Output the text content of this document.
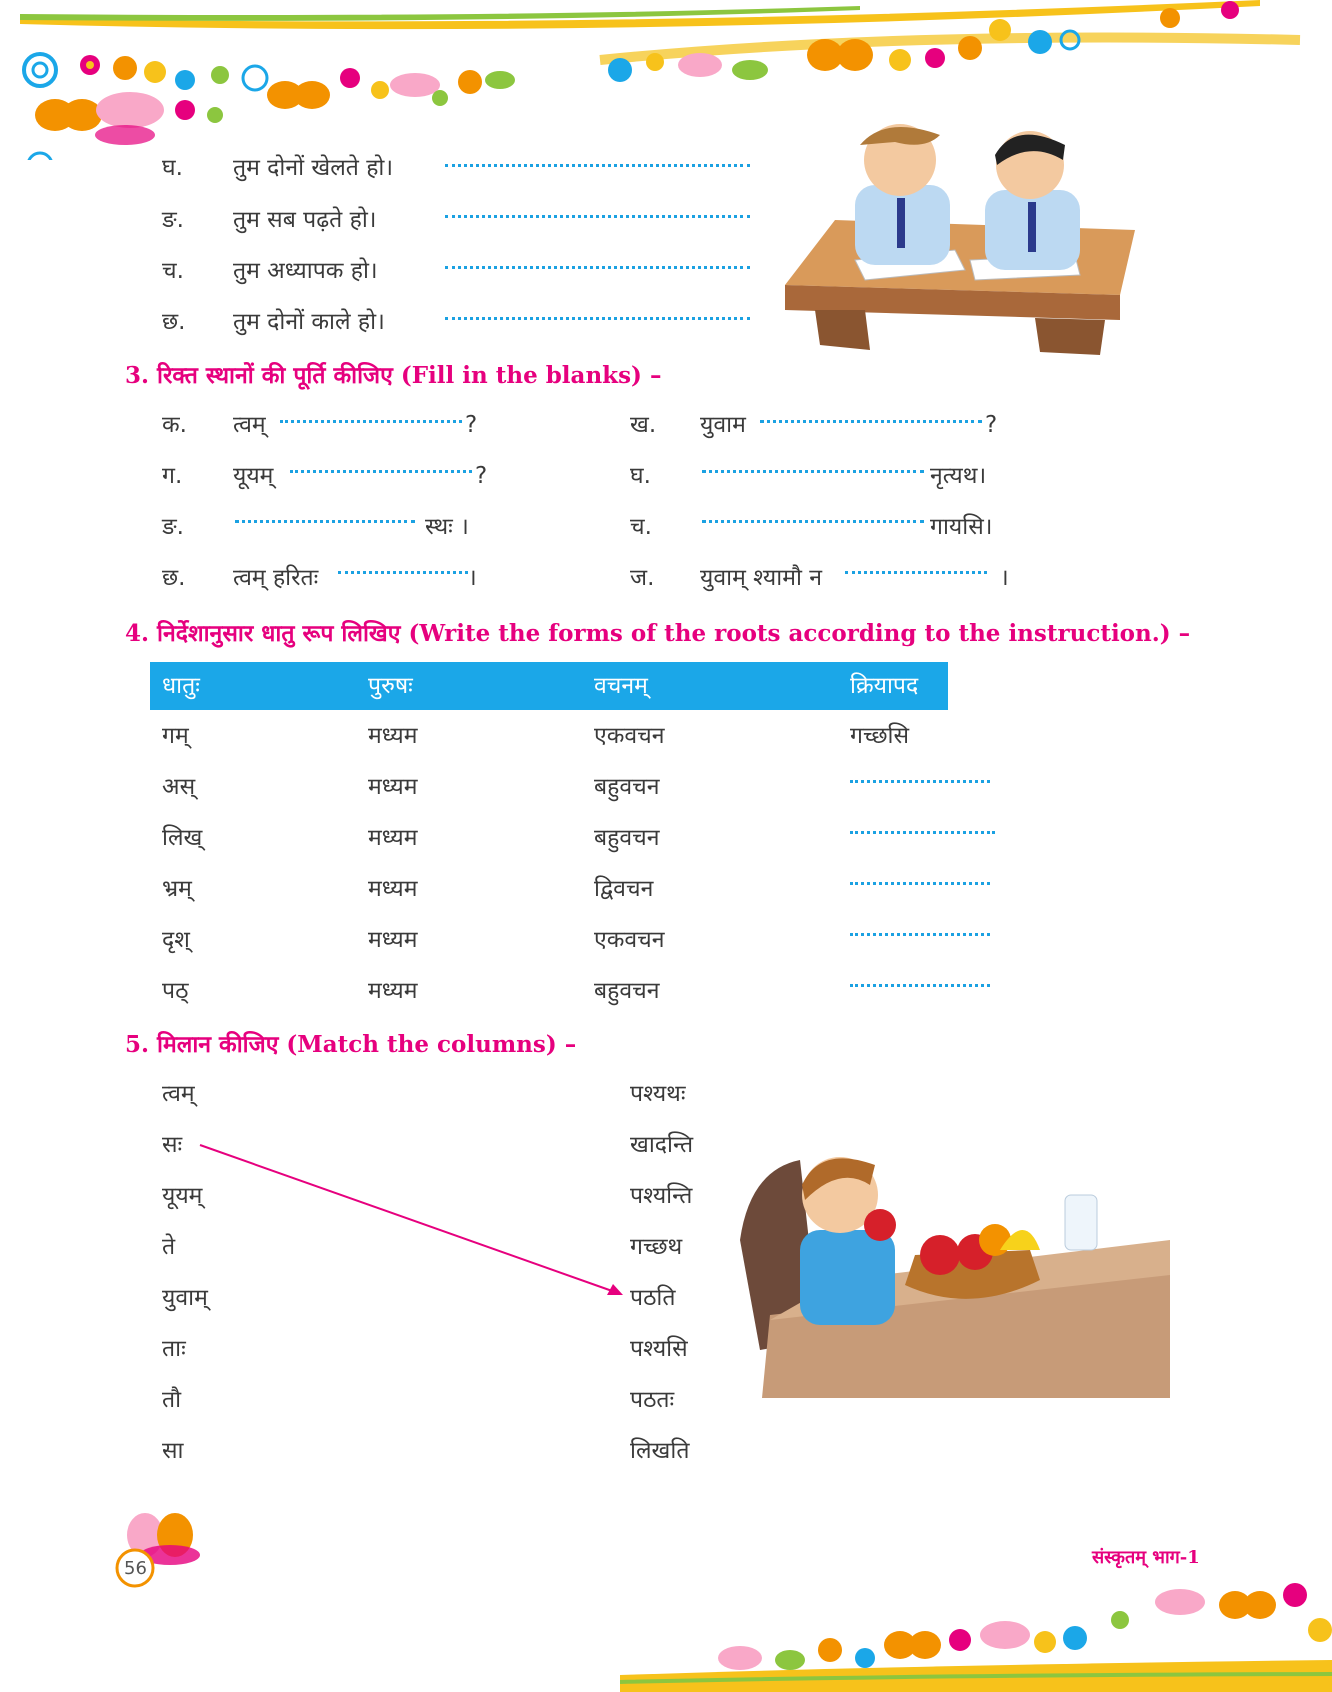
घ. तुम दोनों खेलते हो।
ङ. तुम सब पढ़ते हो।
च. तुम अध्यापक हो।
छ. तुम दोनों काले हो।
3. रिक्त स्थानों की पूर्ति कीजिए (Fill in the blanks) –
क. त्वम्	?
ग. यूयम्	?
ङ.	स्थः ।
छ. त्वम् हरितः	।
ख. युवाम	?
घ.	नृत्यथ।
च.	गायसि।
ज. युवाम् श्यामौ न	।
4. निर्देशानुसार धातु रूप लिखिए (Write the forms of the roots according to the instruction.) –
धातुः	पुरुषः	वचनम्	क्रियापद
गम्	मध्यम	एकवचन	गच्छसि
अस्	मध्यम	बहुवचन
लिख्	मध्यम	बहुवचन
भ्रम्	मध्यम	द्विवचन
दृश्	मध्यम	एकवचन
पठ्	मध्यम	बहुवचन
5. मिलान कीजिए (Match the columns) –
त्वम्
सः
यूयम्
ते
युवाम्
ताः
तौ
सा
पश्यथः
खादन्ति
पश्यन्ति
गच्छथ
पठति
पश्यसि
पठतः
लिखति
56
संस्कृतम् भाग-1
